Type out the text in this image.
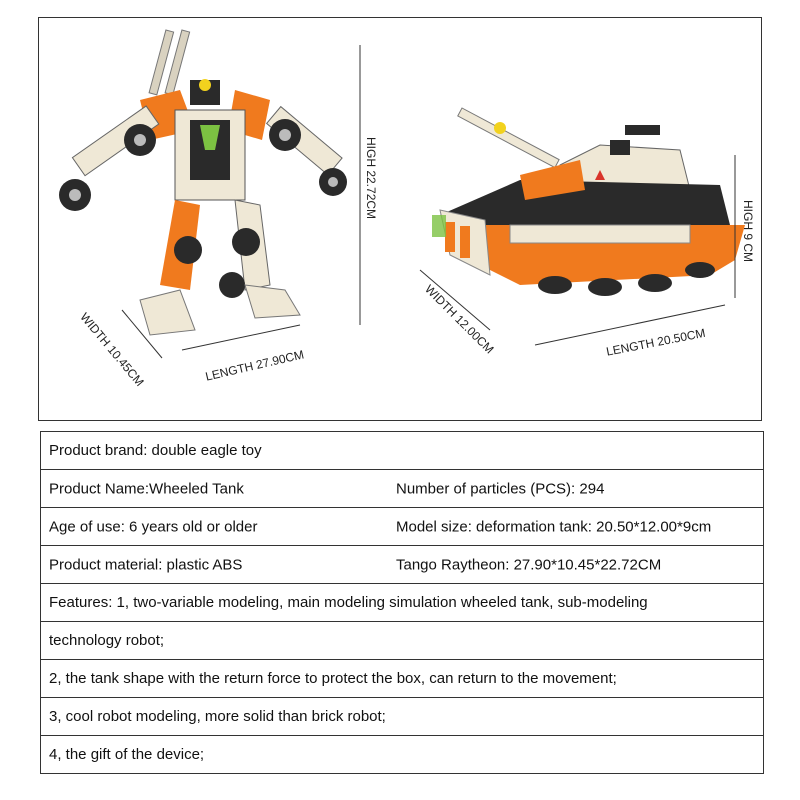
HIGH 22.72CM
WIDTH 10.45CM	LENGTH 27.90CM
HIGH 9 CM
WIDTH 12.00CM	LENGTH 20.50CM
Product brand: double eagle toy

Product Name:Wheeled Tank	Number of particles (PCS): 294

Age of use: 6 years old or older	Model size: deformation tank: 20.50*12.00*9cm

Product material: plastic ABS	Tango Raytheon: 27.90*10.45*22.72CM

Features: 1, two-variable modeling, main modeling simulation wheeled tank, sub-modeling
technology robot;
2, the tank shape with the return force to protect the box, can return to the movement;
3, cool robot modeling, more solid than brick robot;
4, the gift of the device;
